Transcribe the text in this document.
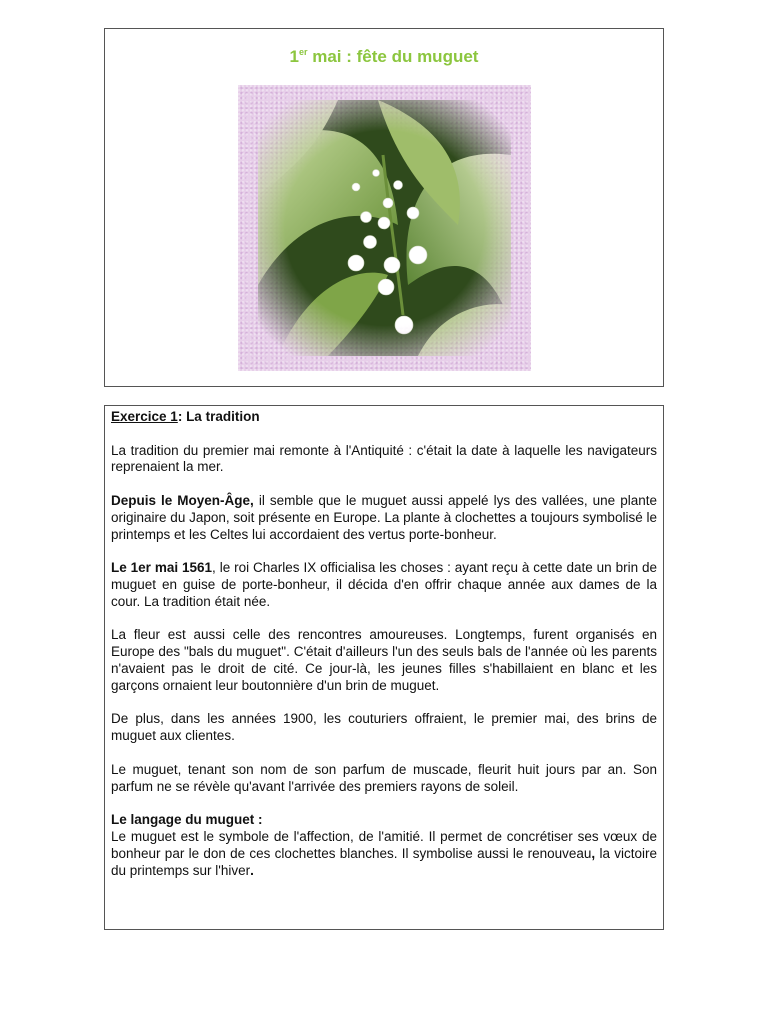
1er mai : fête du muguet

Exercice 1: La tradition

La tradition du premier mai remonte à l'Antiquité : c'était la date à laquelle les navigateurs reprenaient la mer.

Depuis le Moyen-Âge, il semble que le muguet aussi appelé lys des vallées, une plante originaire du Japon, soit présente en Europe. La plante à clochettes a toujours symbolisé le printemps et les Celtes lui accordaient des vertus porte-bonheur.

Le 1er mai 1561, le roi Charles IX officialisa les choses : ayant reçu à cette date un brin de muguet en guise de porte-bonheur, il décida d'en offrir chaque année aux dames de la cour. La tradition était née.

La fleur est aussi celle des rencontres amoureuses. Longtemps, furent organisés en Europe des "bals du muguet". C'était d'ailleurs l'un des seuls bals de l'année où les parents n'avaient pas le droit de cité. Ce jour-là, les jeunes filles s'habillaient en blanc et les garçons ornaient leur boutonnière d'un brin de muguet.

De plus, dans les années 1900, les couturiers offraient, le premier mai, des brins de muguet aux clientes.

Le muguet, tenant son nom de son parfum de muscade, fleurit huit jours par an. Son parfum ne se révèle qu'avant l'arrivée des premiers rayons de soleil.

Le langage du muguet :
Le muguet est le symbole de l'affection, de l'amitié. Il permet de concrétiser ses vœux de bonheur par le don de ces clochettes blanches. Il symbolise aussi le renouveau, la victoire du printemps sur l'hiver.
